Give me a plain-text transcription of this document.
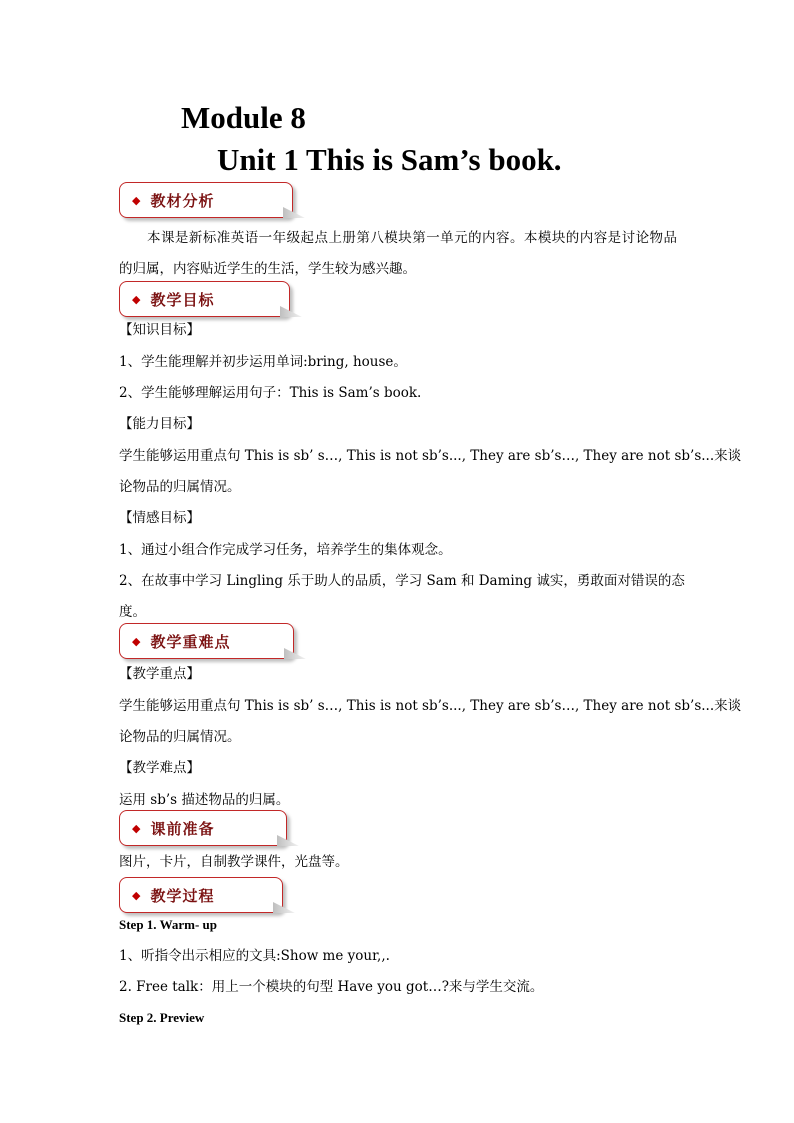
Module 8
Unit 1 This is Sam’s book.
◆ 教材分析
本课是新标准英语一年级起点上册第八模块第一单元的内容。本模块的内容是讨论物品
的归属，内容贴近学生的生活，学生较为感兴趣。
◆ 教学目标
【知识目标】
1、学生能理解并初步运用单词:bring, house。
2、学生能够理解运用句子：This is Sam’s book.
【能力目标】
学生能够运用重点句 This is sb’ s…, This is not sb’s..., They are sb’s…, They are not sb’s...来谈
论物品的归属情况。
【情感目标】
1、通过小组合作完成学习任务，培养学生的集体观念。
2、在故事中学习 Lingling 乐于助人的品质，学习 Sam 和 Daming 诚实，勇敢面对错误的态
度。
◆ 教学重难点
【教学重点】
学生能够运用重点句 This is sb’ s…, This is not sb’s..., They are sb’s…, They are not sb’s...来谈
论物品的归属情况。
【教学难点】
运用 sb’s 描述物品的归属。
◆ 课前准备
图片，卡片，自制教学课件，光盘等。
◆ 教学过程
Step 1. Warm- up
1、听指令出示相应的文具:Show me your,,.
2. Free talk：用上一个模块的句型 Have you got…?来与学生交流。
Step 2. Preview
